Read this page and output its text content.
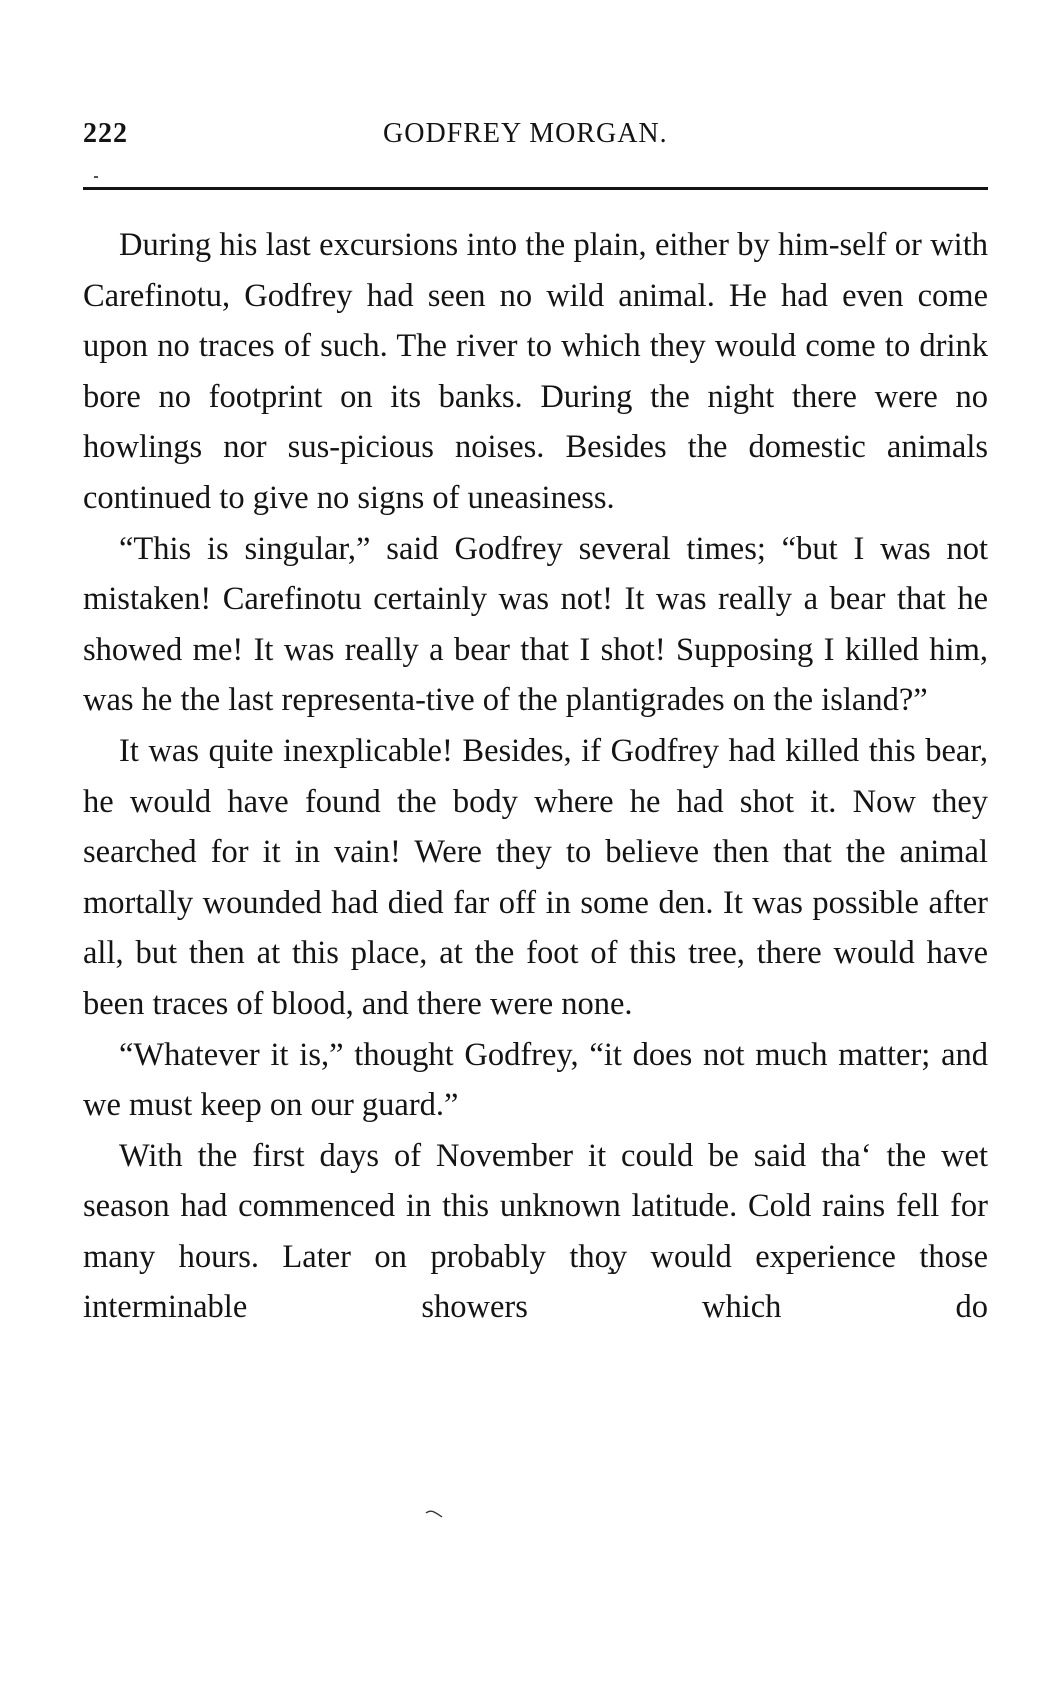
222	GODFREY MORGAN.

During his last excursions into the plain, either by him-self or with Carefinotu, Godfrey had seen no wild animal. He had even come upon no traces of such. The river to which they would come to drink bore no footprint on its banks. During the night there were no howlings nor sus-picious noises. Besides the domestic animals continued to give no signs of uneasiness.

“This is singular,” said Godfrey several times; “but I was not mistaken! Carefinotu certainly was not! It was really a bear that he showed me! It was really a bear that I shot! Supposing I killed him, was he the last representa-tive of the plantigrades on the island?”

It was quite inexplicable! Besides, if Godfrey had killed this bear, he would have found the body where he had shot it. Now they searched for it in vain! Were they to believe then that the animal mortally wounded had died far off in some den. It was possible after all, but then at this place, at the foot of this tree, there would have been traces of blood, and there were none.

“Whatever it is,” thought Godfrey, “it does not much matter; and we must keep on our guard.”

With the first days of November it could be said tha‘ the wet season had commenced in this unknown latitude. Cold rains fell for many hours. Later on probably tho̧y would experience those interminable showers which do
